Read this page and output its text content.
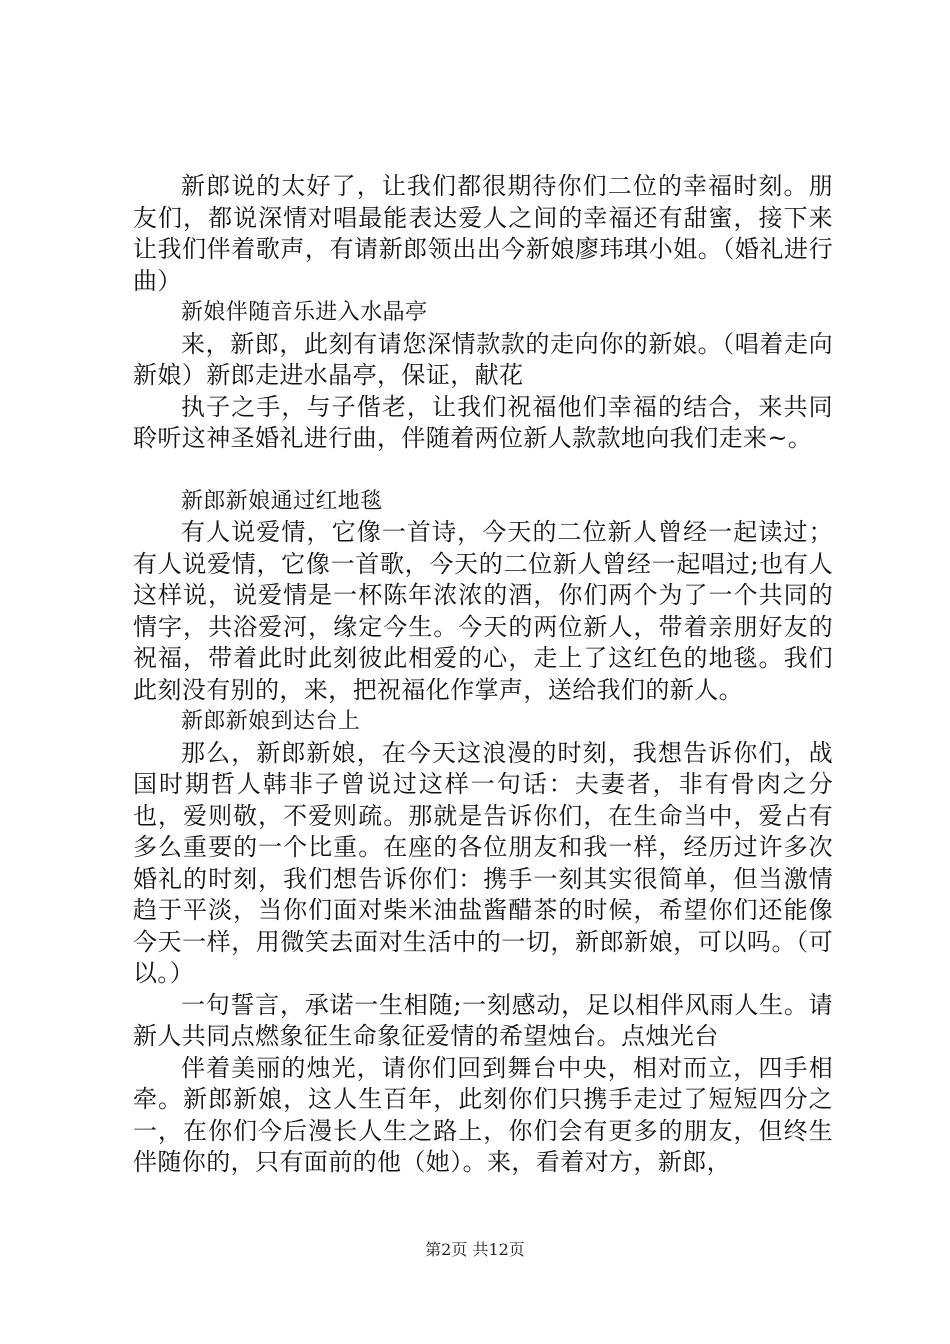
新郎说的太好了，让我们都很期待你们二位的幸福时刻。朋友们，都说深情对唱最能表达爱人之间的幸福还有甜蜜，接下来让我们伴着歌声，有请新郎领出出今新娘廖玮琪小姐。（婚礼进行曲）

新娘伴随音乐进入水晶亭

来，新郎，此刻有请您深情款款的走向你的新娘。（唱着走向新娘）新郎走进水晶亭，保证，献花

执子之手，与子偕老，让我们祝福他们幸福的结合，来共同聆听这神圣婚礼进行曲，伴随着两位新人款款地向我们走来~。

新郎新娘通过红地毯

有人说爱情，它像一首诗，今天的二位新人曾经一起读过；有人说爱情，它像一首歌，今天的二位新人曾经一起唱过;也有人这样说，说爱情是一杯陈年浓浓的酒，你们两个为了一个共同的情字，共浴爱河，缘定今生。今天的两位新人，带着亲朋好友的祝福，带着此时此刻彼此相爱的心，走上了这红色的地毯。我们此刻没有别的，来，把祝福化作掌声，送给我们的新人。

新郎新娘到达台上

那么，新郎新娘，在今天这浪漫的时刻，我想告诉你们，战国时期哲人韩非子曾说过这样一句话：夫妻者，非有骨肉之分也，爱则敬，不爱则疏。那就是告诉你们，在生命当中，爱占有多么重要的一个比重。在座的各位朋友和我一样，经历过许多次婚礼的时刻，我们想告诉你们：携手一刻其实很简单，但当激情趋于平淡，当你们面对柴米油盐酱醋茶的时候，希望你们还能像今天一样，用微笑去面对生活中的一切，新郎新娘，可以吗。（可以。）

一句誓言，承诺一生相随;一刻感动，足以相伴风雨人生。请新人共同点燃象征生命象征爱情的希望烛台。点烛光台

伴着美丽的烛光，请你们回到舞台中央，相对而立，四手相牵。新郎新娘，这人生百年，此刻你们只携手走过了短短四分之一，在你们今后漫长人生之路上，你们会有更多的朋友，但终生伴随你的，只有面前的他（她）。来，看着对方，新郎，

第2页 共12页
